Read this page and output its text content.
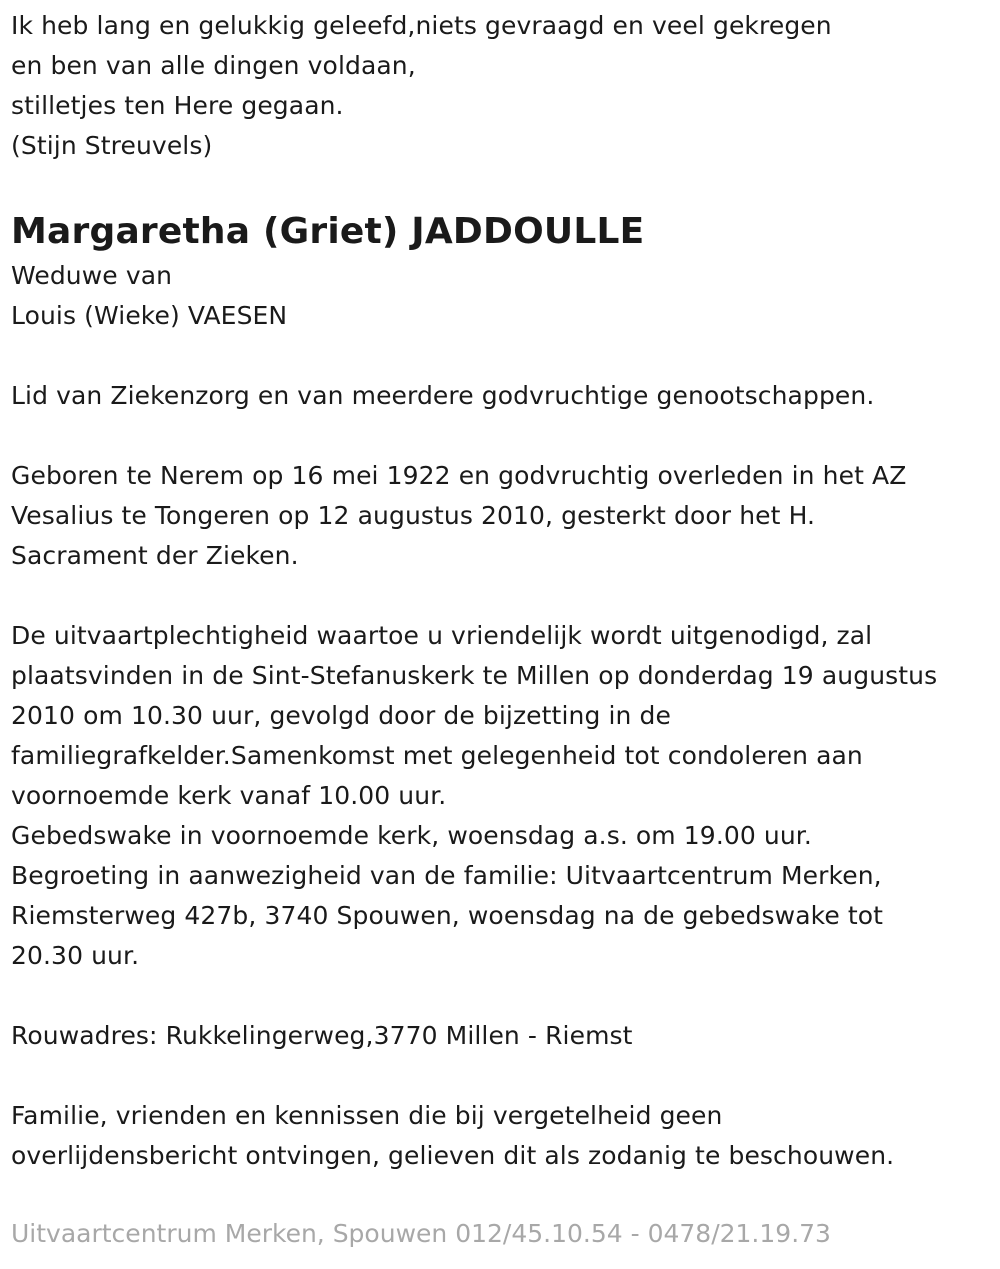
Ik heb lang en gelukkig geleefd,niets gevraagd en veel gekregen
en ben van alle dingen voldaan,
stilletjes ten Here gegaan.
(Stijn Streuvels)
Margaretha (Griet) JADDOULLE
Weduwe van
Louis (Wieke) VAESEN
Lid van Ziekenzorg en van meerdere godvruchtige genootschappen.
Geboren te Nerem op 16 mei 1922 en godvruchtig overleden in het AZ
Vesalius te Tongeren op 12 augustus 2010, gesterkt door het H.
Sacrament der Zieken.
De uitvaartplechtigheid waartoe u vriendelijk wordt uitgenodigd, zal
plaatsvinden in de Sint-Stefanuskerk te Millen op donderdag 19 augustus
2010 om 10.30 uur, gevolgd door de bijzetting in de
familiegrafkelder.Samenkomst met gelegenheid tot condoleren aan
voornoemde kerk vanaf 10.00 uur.
Gebedswake in voornoemde kerk, woensdag a.s. om 19.00 uur.
Begroeting in aanwezigheid van de familie: Uitvaartcentrum Merken,
Riemsterweg 427b, 3740 Spouwen, woensdag na de gebedswake tot
20.30 uur.
Rouwadres: Rukkelingerweg,3770 Millen - Riemst
Familie, vrienden en kennissen die bij vergetelheid geen
overlijdensbericht ontvingen, gelieven dit als zodanig te beschouwen.
Uitvaartcentrum Merken, Spouwen 012/45.10.54 - 0478/21.19.73
